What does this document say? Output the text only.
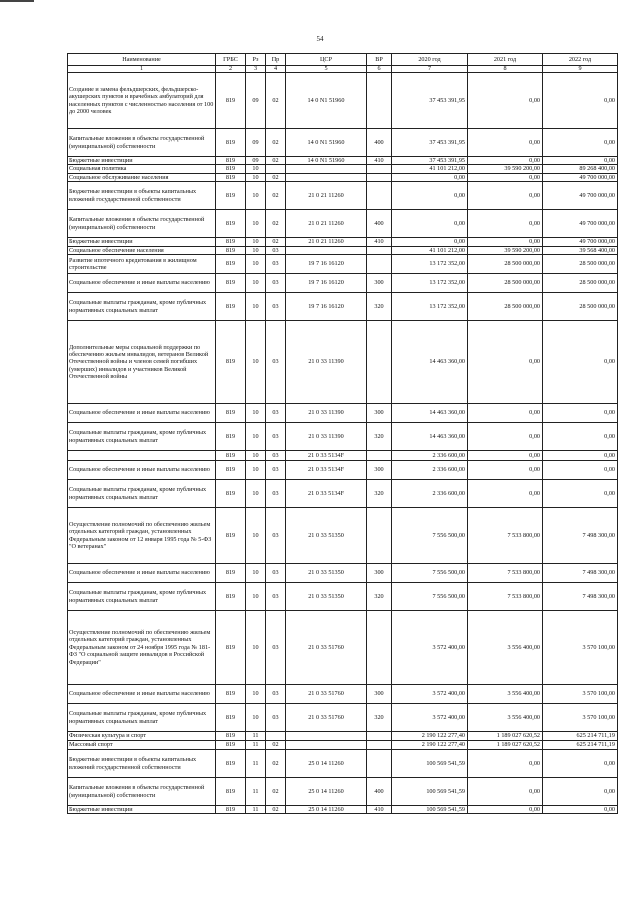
54
Наименование	ГРБС	Рз	Пр	ЦСР	ВР	2020 год	2021 год	2022 год
1	2	3	4	5	6	7	8	9
Создание и замена фельдшерских, фельдшерско-акушерских пунктов и врачебных амбулаторий для населенных пунктов с численностью населения от 100 до 2000 человек	819	09	02	14 0 N1 51960		37 453 391,95	0,00	0,00
Капитальные вложения в объекты государственной (муниципальной) собственности	819	09	02	14 0 N1 51960	400	37 453 391,95	0,00	0,00
Бюджетные инвестиции	819	09	02	14 0 N1 51960	410	37 453 391,95	0,00	0,00
Социальная политика	819	10				41 101 212,00	39 590 200,00	89 268 400,00
Социальное обслуживание населения	819	10	02			0,00	0,00	49 700 000,00
Бюджетные инвестиции в объекты капитальных вложений государственной собственности	819	10	02	21 0 21 11260		0,00	0,00	49 700 000,00
Капитальные вложения в объекты государственной (муниципальной) собственности	819	10	02	21 0 21 11260	400	0,00	0,00	49 700 000,00
Бюджетные инвестиции	819	10	02	21 0 21 11260	410	0,00	0,00	49 700 000,00
Социальное обеспечение населения	819	10	03			41 101 212,00	39 590 200,00	39 568 400,00
Развитие ипотечного кредитования в жилищном строительстве	819	10	03	19 7 16 16120		13 172 352,00	28 500 000,00	28 500 000,00
Социальное обеспечение и иные выплаты населению	819	10	03	19 7 16 16120	300	13 172 352,00	28 500 000,00	28 500 000,00
Социальные выплаты гражданам, кроме публичных нормативных социальных выплат	819	10	03	19 7 16 16120	320	13 172 352,00	28 500 000,00	28 500 000,00
Дополнительные меры социальной поддержки по обеспечению жильем инвалидов, ветеранов Великой Отечественной войны и членов семей погибших (умерших) инвалидов и участников Великой Отечественной войны	819	10	03	21 0 33 11390		14 463 360,00	0,00	0,00
Социальное обеспечение и иные выплаты населению	819	10	03	21 0 33 11390	300	14 463 360,00	0,00	0,00
Социальные выплаты гражданам, кроме публичных нормативных социальных выплат	819	10	03	21 0 33 11390	320	14 463 360,00	0,00	0,00
	819	10	03	21 0 33 5134F		2 336 600,00	0,00	0,00
Социальное обеспечение и иные выплаты населению	819	10	03	21 0 33 5134F	300	2 336 600,00	0,00	0,00
Социальные выплаты гражданам, кроме публичных нормативных социальных выплат	819	10	03	21 0 33 5134F	320	2 336 600,00	0,00	0,00
Осуществление полномочий по обеспечению жильем отдельных категорий граждан, установленных Федеральным законом от 12 января 1995 года № 5-ФЗ "О ветеранах"	819	10	03	21 0 33 51350		7 556 500,00	7 533 800,00	7 498 300,00
Социальное обеспечение и иные выплаты населению	819	10	03	21 0 33 51350	300	7 556 500,00	7 533 800,00	7 498 300,00
Социальные выплаты гражданам, кроме публичных нормативных социальных выплат	819	10	03	21 0 33 51350	320	7 556 500,00	7 533 800,00	7 498 300,00
Осуществление полномочий по обеспечению жильем отдельных категорий граждан, установленных Федеральным законом от 24 ноября 1995 года № 181-ФЗ "О социальной защите инвалидов в Российской Федерации"	819	10	03	21 0 33 51760		3 572 400,00	3 556 400,00	3 570 100,00
Социальное обеспечение и иные выплаты населению	819	10	03	21 0 33 51760	300	3 572 400,00	3 556 400,00	3 570 100,00
Социальные выплаты гражданам, кроме публичных нормативных социальных выплат	819	10	03	21 0 33 51760	320	3 572 400,00	3 556 400,00	3 570 100,00
Физическая культура и спорт	819	11				2 190 122 277,40	1 189 027 620,52	625 214 711,19
Массовый спорт	819	11	02			2 190 122 277,40	1 189 027 620,52	625 214 711,19
Бюджетные инвестиции в объекты капитальных вложений государственной собственности	819	11	02	25 0 14 11260		100 569 541,59	0,00	0,00
Капитальные вложения в объекты государственной (муниципальной) собственности	819	11	02	25 0 14 11260	400	100 569 541,59	0,00	0,00
Бюджетные инвестиции	819	11	02	25 0 14 11260	410	100 569 541,59	0,00	0,00
